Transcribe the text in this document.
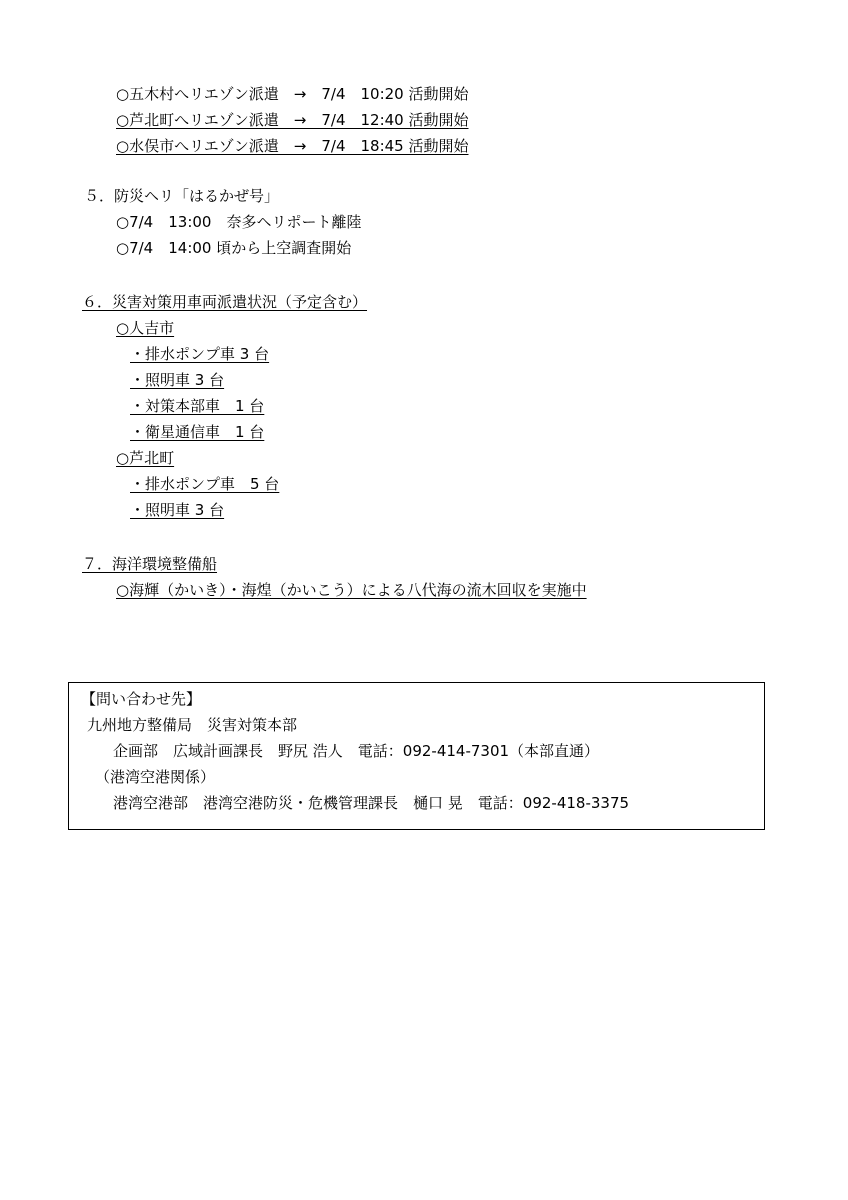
○五木村へリエゾン派遣　→　7/4　10:20 活動開始
○芦北町へリエゾン派遣　→　7/4　12:40 活動開始
○水俣市へリエゾン派遣　→　7/4　18:45 活動開始
５．防災ヘリ「はるかぜ号」
○7/4　13:00　奈多ヘリポート離陸
○7/4　14:00 頃から上空調査開始
６．災害対策用車両派遣状況（予定含む）
○人吉市
・排水ポンプ車 3 台
・照明車 3 台
・対策本部車　1 台
・衛星通信車　1 台
○芦北町
・排水ポンプ車　5 台
・照明車 3 台
７．海洋環境整備船
○海輝（かいき）・海煌（かいこう）による八代海の流木回収を実施中
【問い合わせ先】
九州地方整備局　災害対策本部
企画部　広域計画課長　野尻 浩人　電話：092-414-7301（本部直通）
（港湾空港関係）
港湾空港部　港湾空港防災・危機管理課長　樋口 晃　電話：092-418-3375
